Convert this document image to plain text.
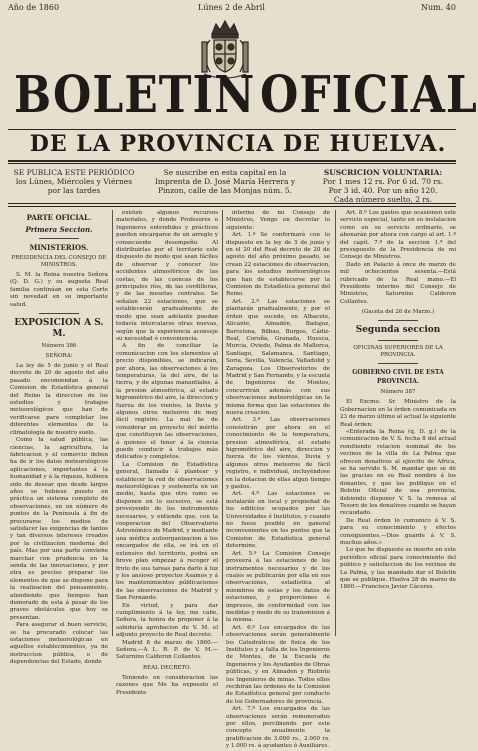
Año de 1860	Lúnes 2 de Abril	Num. 40
BOLETIN OFICIAL
DE LA PROVINCIA DE HUELVA.
SE PUBLICA ESTE PERIÓDICO los Lúnes, Miércoles y Viérnes por las tardes
Se suscribe en esta capital en la Imprenta de D. José María Herrera y Pinzon, calle de las Monjas núm. 5.
SUSCRICION VOLUNTARIA:
Por 1 mes 12 rs. Por 6 id. 70 rs.
Por 3 id. 40. Por un año 120.
Cada número suelto, 2 rs.
PARTE OFICIAL.
Primera Seccion.
MINISTERIOS.
PRESIDENCIA DEL CONSEJO DE MINISTROS.

S. M. la Reina nuestra Señora (Q. D. G.) y su augusta Real familia continúan en esta Corte sin novedad en su importante salud.

EXPOSICION A S. M.
Número 386
SEÑORA:

La ley de 5 de junio y el Real decreto de 20 de agosto del año pasado encomiendan á la Comision de Estadística general del Reino la direccion de los estudios y trabajos meteorológicos que han de verificarse para completar los diferentes elementos de la climatología de nuestro suelo.

Como la salud pública, las ciencias, la agricultura, la fabricacion y el comercio deben ha de ir los datos meteorológicos aplicaciones, importantes á la humanidad y á la riqueza, hubiera sido de desear que desde largos años se hubiese puesto en práctica un sistema completo de observaciones, en un número de puntos de la Península á fin de procurarse los medios de satisfacer las exigencias de tantos y tan diversos intereses creados por la civilizacion moderna del país. Mas por una parte conviene marchar con prudencia en la senda de las innovaciones, y por otra es preciso preparar los elementos de que se dispone para la realizacion del pensamiento, atendiendo que tiempos han demorado de esta á pesar de los graves obstáculos que hoy se presentan.

Para asegurar el buen servicio, se ha procurado colocar las estaciones meteorológicas en aquellos establecimientos, ya de instruccion pública, o de dependencias del Estado, donde

existen algunos recursos materiales, y donde Profesores o Ingenieros entendidos y prácticos pueden encargarse de un arreglo y consecuente desempeño. Al distribuirlas por el territorio este dispuesto de modo que sean fáciles de observar y conocer los accidentes atmosféricos de las costas, de las cuencas de los principales ríos, de las cordilleras, y de las mesetas centrales. Se señalan 22 estaciones, que se establecerán gradualmente de modo que sean adelante puedan todavía intercalarse otras nuevas, según que la experiencia aconseje su necesidad ó conveniencia.

A fin de conciliar la comunicacion con los elementos al precio disponibles, se indicarán, por ahora, las observaciones á los temperaturas, la del aire, de la tierra, y de algunas manantiales, á la presion atmosférica, al estado higrométrico del aire, la direccion y fuerza de los vientos, la lluvia y algunos otros meteoros de muy fácil registro. La mal he de considerar un proyecto del mérito que constituyen las observaciones, á quienes el tenor á la ciencia puede conducir á trabajos más delicados y completos.

La Comision de Estadística general, llamada á plantear y establecer la red de observaciones meteorológicas y sostenerla en un medio, hasta que otro ramo se disponen en lo sucesivo, se está proveyendo de los instrumentos necesarios, y entiende que, con la cooperacion del Observatorio Astronómico de Madrid, y mediante una médica autoorganizacion á los encargados de ella, se irá en el extensivo del territorio, podrá en breve plan empezar á recoger el fruto de sus tareas para darlo á luz y los ansioso proyectos Asamos y á los mantenimientos públicaciones de las observaciones de Madrid y San Fernando.

En virtud, y para dar cumplimiento á la ley, me cabe, Señora, la honra de proponer á la sabiduría aprobacion de V. M. el adjunto proyecto de Real decreto.

Madrid 8 de marzo de 1860.—Señora.—A L. R. P. de V. M.—Saturnino Calderon Collantes.

REAL DECRETO.

Teniendo en consideracion las razones que Me ha expuesto el Presidente

interino de mi Consejo de Ministros, Vengo en decretar lo siguiente:

Art. 1.º Se conformará con lo dispuesto en la ley de 5 de junio y en el 20 del Real decreto de 20 de agosto del año próximo pasado, se crean 22 estaciones de observacion, para los estudios meteorológicos que han de establecerse por la Comision de Estadística general del Reino.

Art. 2.º Las estaciones se plantarán gradualmente, y por el órden que sucede, en Albacete, Alicante, Almadén, Badajoz, Barcelona, Bilbao, Burgos, Cádiz-Real, Coruña, Granada, Huesca, Murcia, Oviedo, Palma de Mallorca, Santiago, Salamanca, Santiago, Soria, Sevilla, Valencia, Valladolid y Zaragoza. Los Observatorios de Madrid y San Fernando, y la escuela de Ingenieros de Montes, concurrirán además con sus observaciones meteorológicas en la misma forma que las estaciones de nueva creacion.

Art. 3.º Las observaciones consistirán por ahora en el conocimiento de la temperatura, presion atmosférica, el estado higrométrico del aire, direccion y fuerza de los vientos, lluvia y algunos otros meteoros de fácil registro, e individual, incluyéndose en la dotacion de ellas algun tiempo y gastos.

Art. 4.º Las estaciones se instalarán en local y propiedad de los edificios ocupados por las Universidades é Institutos, y cuando no fuese posible en ganeral inconvenientes en los puntos que la Comision de Estadística general determine.

Art. 5.º La Comision Consejo proveerá á las estaciones de los instrumentos necesarios y de los cuales se publicarán por ella en sus observaciones, estadística al miembros de estas y los datos de estaciones, y proporciones é impresos, de conformidad con las medidas y modo de su transmision á la misma.

Art. 6.º Los encargados de las observaciones serán generalmente los Catedráticos de fisica de los Institutos y a falta de los Ingenieros de Montes, de la Escuela de Ingenieros y los Ayudantes de Obras públicas, y en Almaden y Riotinto los Ingenieros de minas. Todos ellos recibirán las órdenes de la Comision de Estadística general por conducto de los Gobernadores de provincia.

Art. 7.º Los encargados de las observaciones serán remunerados por ellos, percibiendo por este concepto anualmente la gratificacion de 3.000 rs., 2.000 rs. y 1.000 rs. á ayudantes ó Auxiliares.

Art. 8.º Los gastos que ocasionen este servicio especial, tanto en su instalacion como en su servicio ordinario, se abonarán por ahora con cargo al art. 1.º del capít. 7.º de la seccion 1.ª del presupuesto de la Presidencia de mi Consejo de Ministros.

Dado en Palacio á once de marzo de mil ochocientos sesenta.—Está rubricado de la Real mano.—El Presidente interino del Consejo de Ministros, Saturnino Calderon Collantes.

(Gaceta del 26 de Marzo.)
Segunda seccion
OFICINAS SUPERIORES DE LA PROVINCIA.
GOBIERNO CIVIL DE ESTA PROVINCIA.
Número 387

El Excmo. Sr. Ministro de la Gobernacion en la órden comunicada en 23 de marzo último al actual la siguiente Real órden:

«Enterada la Reina (q. D. g.) de la comunicacion de V. S. fecha 8 del actual remitiendo relacion nominal de los vecinos de la villa de La Palma que ofrecen donativos al ejército de Africa, se ha servido S. M. mandar que se dé las gracias en su Real nombre á los donantes, y que las publique en el Boletin Oficial de esa provincia, debiendo disponer V. S. la remesa al Tesoro de los donativos cuando se hayan recaudado.

De Real órden lo comunico á V. S. para su conocimiento y efectos consiguientes.—Dios guarde á V. S. muchos años.»

Lo que he dispuesto se inserte en este periódico oficial para conocimiento del público y satisfaccion de los vecinos de La Palma, y las mandado dar el Boletin que se publique. Huelva 28 de marzo de 1860.—Francisco Javier Cáceres.
